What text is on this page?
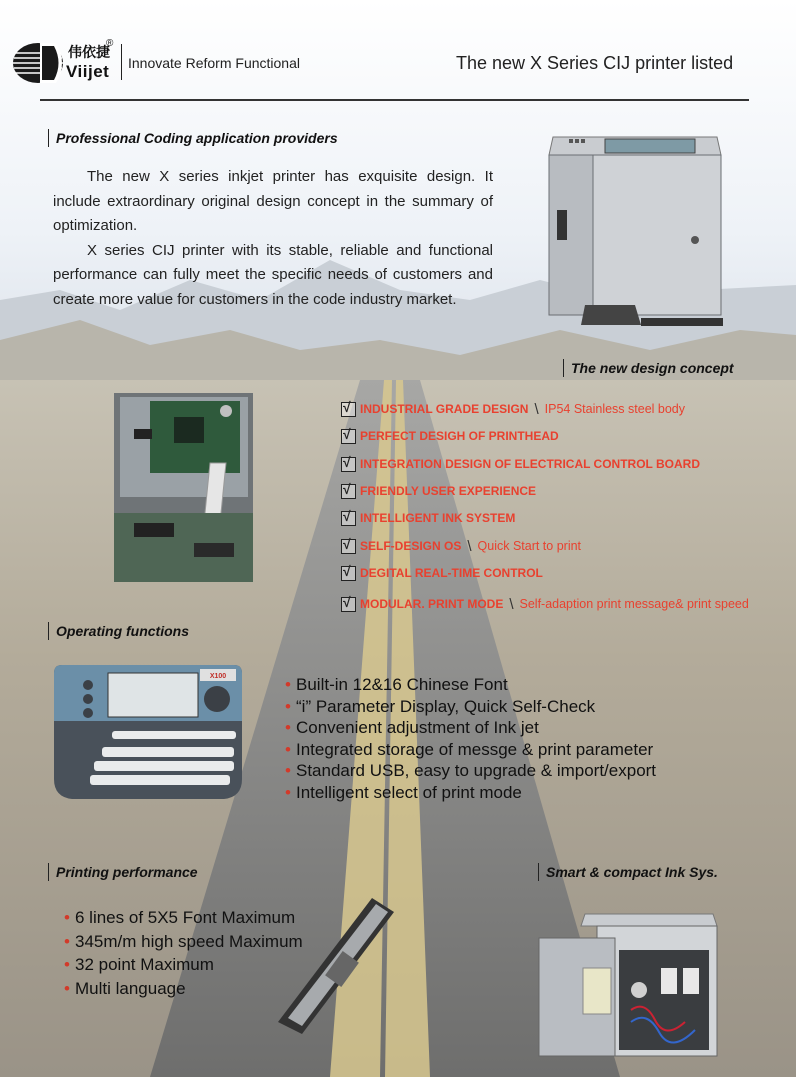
伟依捷
®
Viijet Innovate Reform Functional	The new X Series CIJ printer listed
Professional Coding application providers

The new X series inkjet printer has exquisite design. It include extraordinary original design concept in the summary of optimization.

X series CIJ printer with its stable, reliable and functional performance can fully meet the specific needs of customers and create more value for customers in the code industry market.

The new design concept
√
INDUSTRIAL GRADE DESIGN \ IP54 Stainless steel body
√
PERFECT DESIGH OF PRINTHEAD
√
INTEGRATION DESIGN OF ELECTRICAL CONTROL BOARD
√
FRIENDLY USER EXPERIENCE
√
INTELLIGENT INK SYSTEM
√
SELF-DESIGN OS \ Quick Start to print
√
DEGITAL REAL-TIME CONTROL
√
MODULAR. PRINT MODE \ Self-adaption print message& print speed
Operating functions
X100
•	Built-in 12&16 Chinese Font
• “i” Parameter Display, Quick Self-Check
• Convenient adjustment of Ink jet
• Integrated storage of messge & print parameter
• Standard USB, easy to upgrade & import/export
• Intelligent select of print mode
Printing performance
• 6 lines of 5X5 Font Maximum
• 345m/m high speed Maximum
• 32 point Maximum
• Multi language
Smart & compact Ink Sys.
